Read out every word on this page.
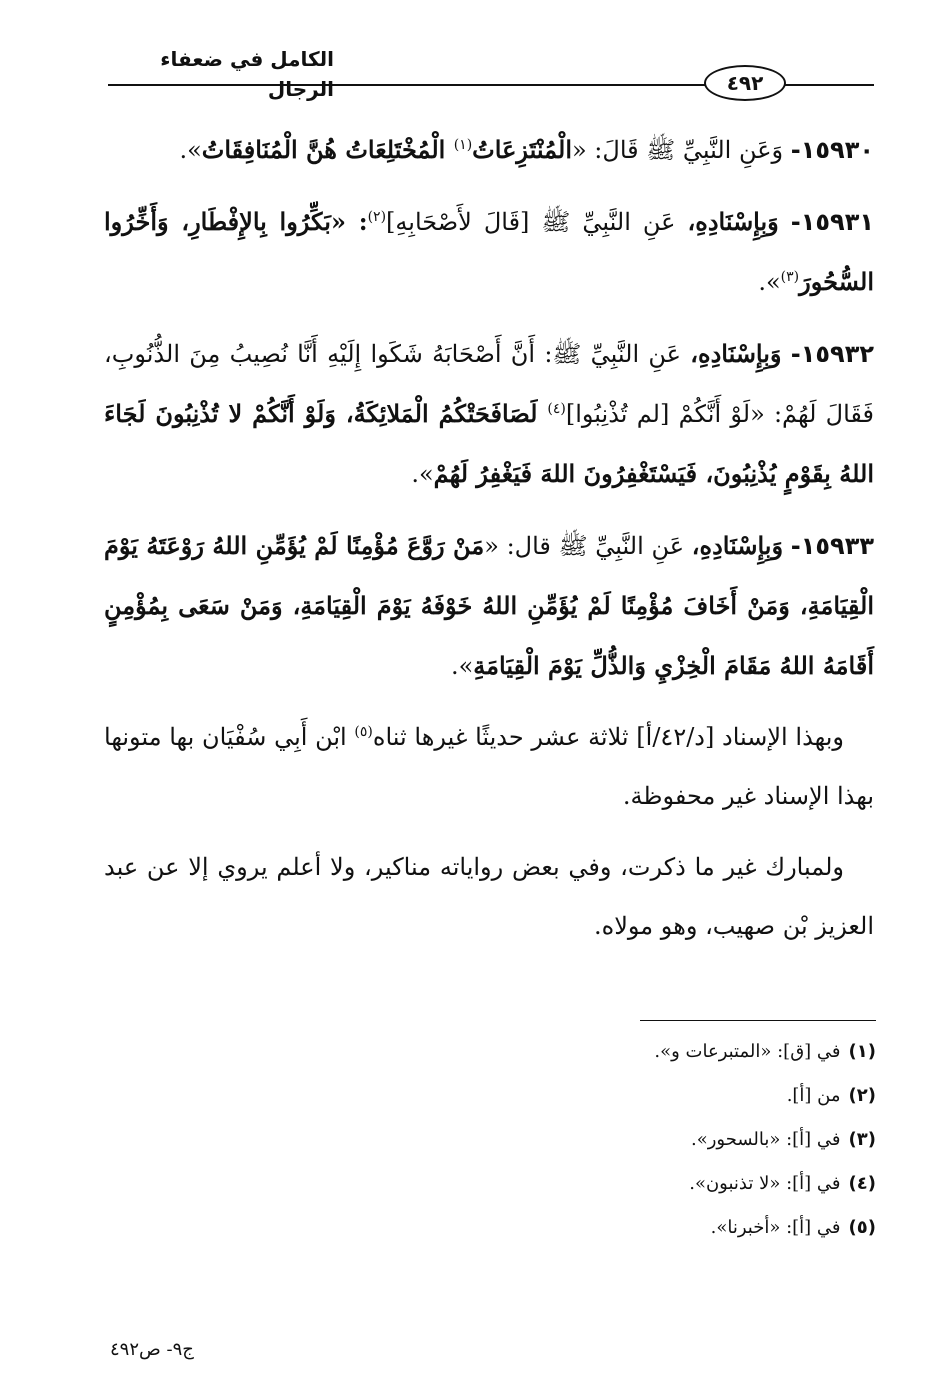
الكامل في ضعفاء الرجال	٤٩٢

١٥٩٣٠- وَعَنِ النَّبِيِّ ﷺ قَالَ: «الْمُنْتَزِعَاتُ$^{(١)}$ الْمُخْتَلِعَاتُ هُنَّ الْمُنَافِقَاتُ».

١٥٩٣١- وَبِإِسْنَادِهِ، عَنِ النَّبِيِّ ﷺ [قَالَ لأَصْحَابِهِ]$^{(٢)}$: «بَكِّرُوا بِالإِفْطَارِ، وَأَخِّرُوا السُّحُورَ$^{(٣)}$».

١٥٩٣٢- وَبِإِسْنَادِهِ، عَنِ النَّبِيِّ ﷺ: أَنَّ أَصْحَابَهُ شَكَوا إِلَيْهِ أَنَّا نُصِيبُ مِنَ الذُّنُوبِ، فَقَالَ لَهُمْ: «لَوْ أَنَّكُمْ [لم تُذْنِبُوا]$^{(٤)}$ لَصَافَحَتْكُمُ الْمَلائِكَةُ، وَلَوْ أَنَّكُمْ لا تُذْنِبُونَ لَجَاءَ اللهُ بِقَوْمٍ يُذْنِبُونَ، فَيَسْتَغْفِرُونَ اللهَ فَيَغْفِرُ لَهُمْ».

١٥٩٣٣- وَبِإِسْنَادِهِ، عَنِ النَّبِيِّ ﷺ قال: «مَنْ رَوَّعَ مُؤْمِنًا لَمْ يُؤَمِّنِ اللهُ رَوْعَتَهُ يَوْمَ الْقِيَامَةِ، وَمَنْ أَخَافَ مُؤْمِنًا لَمْ يُؤَمِّنِ اللهُ خَوْفَهُ يَوْمَ الْقِيَامَةِ، وَمَنْ سَعَى بِمُؤْمِنٍ أَقَامَهُ اللهُ مَقَامَ الْخِزْيِ وَالذُّلِّ يَوْمَ الْقِيَامَةِ».

وبهذا الإسناد [د/٤٢/أ] ثلاثة عشر حديثًا غيرها ثناه$^{(٥)}$ ابْن أَبِي سُفْيَان بها متونها بهذا الإسناد غير محفوظة.

ولمبارك غير ما ذكرت، وفي بعض رواياته مناكير، ولا أعلم يروي إلا عن عبد العزيز بْن صهيب، وهو مولاه.

(١)في [ق]: «المتبرعات و».
(٢)من [أ].
(٣)في [أ]: «بالسحور».
(٤)في [أ]: «لا تذنبون».
(٥)في [أ]: «أخبرنا».
ج٩- ص٤٩٢
